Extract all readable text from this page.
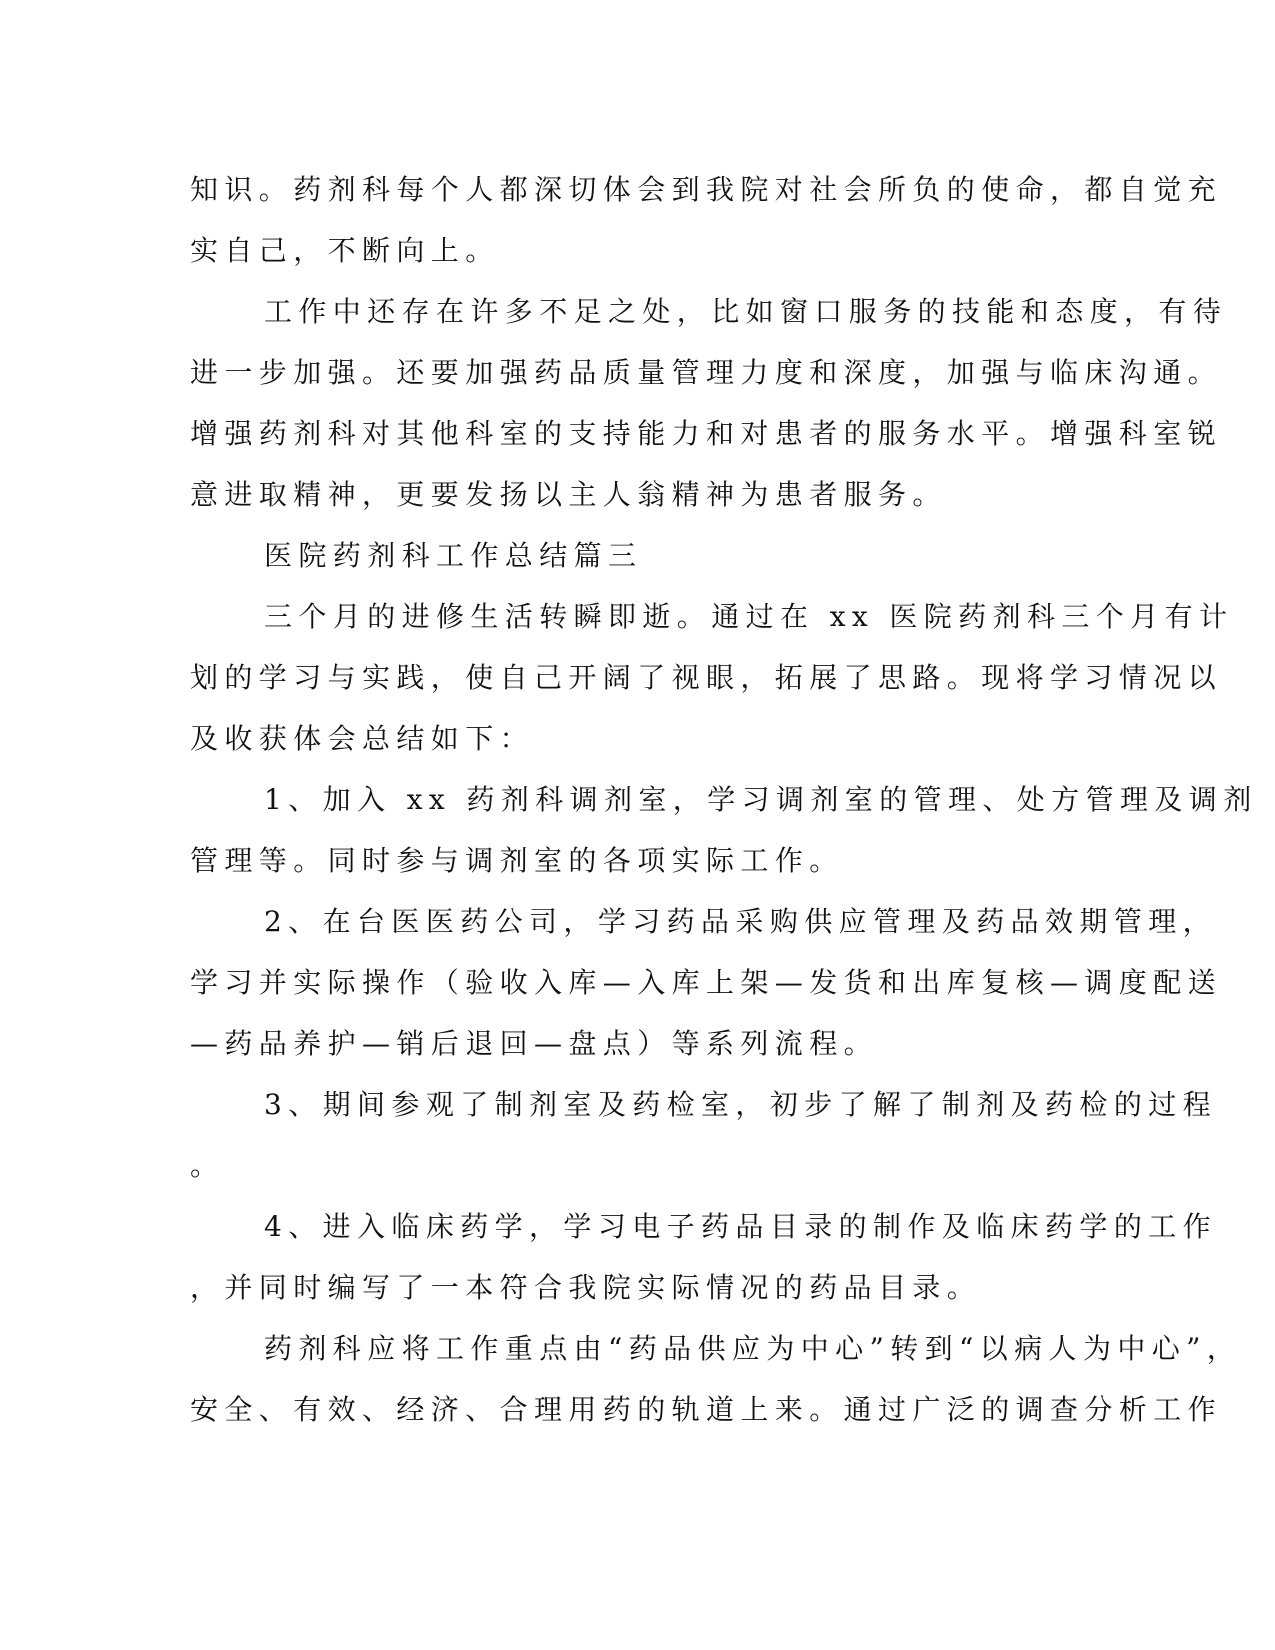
知识。药剂科每个人都深切体会到我院对社会所负的使命，都自觉充
实自己，不断向上。
工作中还存在许多不足之处，比如窗口服务的技能和态度，有待
进一步加强。还要加强药品质量管理力度和深度，加强与临床沟通。
增强药剂科对其他科室的支持能力和对患者的服务水平。增强科室锐
意进取精神，更要发扬以主人翁精神为患者服务。
医院药剂科工作总结篇三
三个月的进修生活转瞬即逝。通过在 xx 医院药剂科三个月有计
划的学习与实践，使自己开阔了视眼，拓展了思路。现将学习情况以
及收获体会总结如下：
1、加入 xx 药剂科调剂室，学习调剂室的管理、处方管理及调剂
管理等。同时参与调剂室的各项实际工作。
2、在台医医药公司，学习药品采购供应管理及药品效期管理，
学习并实际操作（验收入库—入库上架—发货和出库复核—调度配送
—药品养护—销后退回—盘点）等系列流程。
3、期间参观了制剂室及药检室，初步了解了制剂及药检的过程
。
4、进入临床药学，学习电子药品目录的制作及临床药学的工作
，并同时编写了一本符合我院实际情况的药品目录。
药剂科应将工作重点由“药品供应为中心”转到“以病人为中心”，
安全、有效、经济、合理用药的轨道上来。通过广泛的调查分析工作
